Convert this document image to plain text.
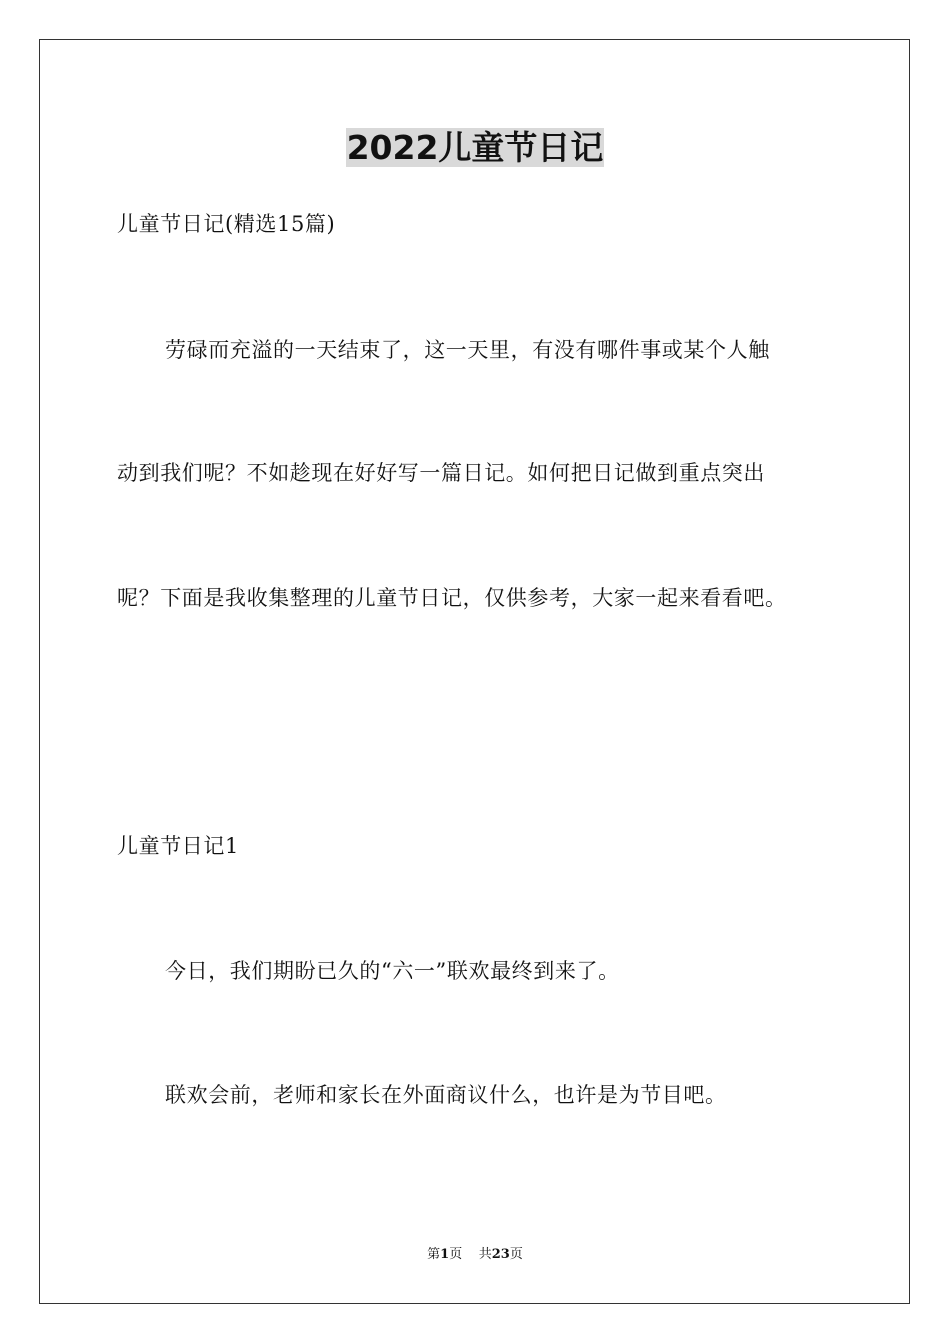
2022儿童节日记
儿童节日记(精选15篇)
劳碌而充溢的一天结束了，这一天里，有没有哪件事或某个人触
动到我们呢？不如趁现在好好写一篇日记。如何把日记做到重点突出
呢？下面是我收集整理的儿童节日记，仅供参考，大家一起来看看吧。
儿童节日记1
今日，我们期盼已久的“六一”联欢最终到来了。
联欢会前，老师和家长在外面商议什么，也许是为节目吧。
第1页 共23页
